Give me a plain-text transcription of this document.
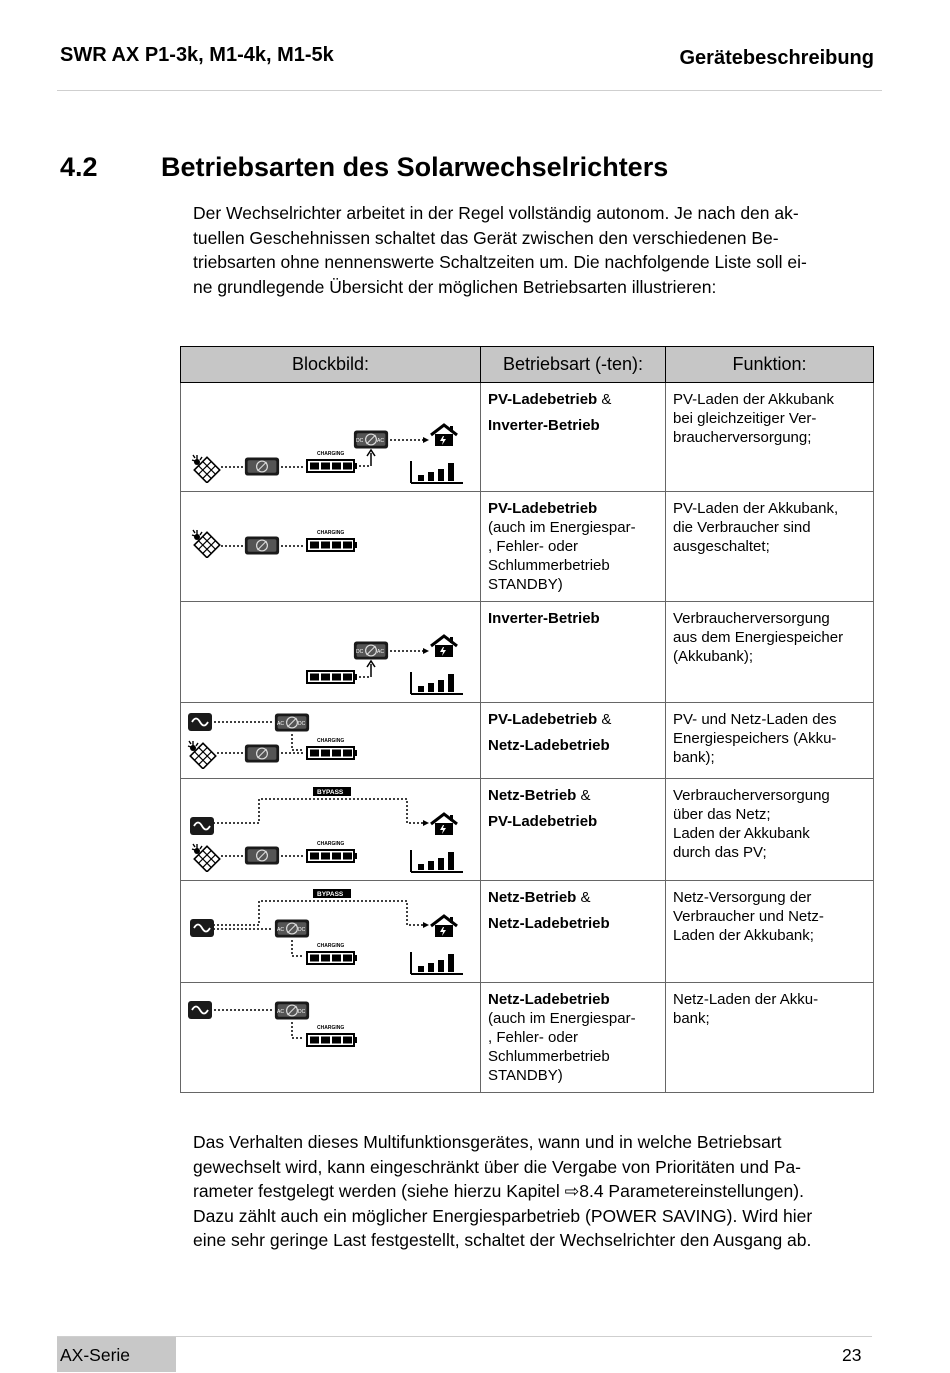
SWR AX P1-3k, M1-4k, M1-5k	Gerätebeschreibung
4.2 Betriebsarten des Solarwechselrichters

Der Wechselrichter arbeitet in der Regel vollständig autonom. Je nach den ak-
tuellen Geschehnissen schaltet das Gerät zwischen den verschiedenen Be-
triebsarten ohne nennenswerte Schaltzeiten um. Die nachfolgende Liste soll ei-
ne grundlegende Übersicht der möglichen Betriebsarten illustrieren:

Blockbild:	Betriebsart (-ten):	Funktion:

CHARGING
DC AC	PV-Ladebetrieb &
Inverter-Betrieb	PV-Laden der Akkubank
bei gleichzeitiger Ver-
braucherversorgung;

CHARGING	PV-Ladebetrieb
(auch im Energiespar-
, Fehler- oder
Schlummerbetrieb
STANDBY)	PV-Laden der Akkubank,
die Verbraucher sind
ausgeschaltet;

DC AC	Inverter-Betrieb	Verbraucherversorgung
aus dem Energiespeicher
(Akkubank);

AC DC
CHARGING	PV-Ladebetrieb &
Netz-Ladebetrieb	PV- und Netz-Laden des
Energiespeichers (Akku-
bank);

BYPASS
CHARGING	Netz-Betrieb &
PV-Ladebetrieb	Verbraucherversorgung
über das Netz;
Laden der Akkubank
durch das PV;

BYPASS
AC DC
CHARGING	Netz-Betrieb &
Netz-Ladebetrieb	Netz-Versorgung der
Verbraucher und Netz-
Laden der Akkubank;

AC DC
CHARGING	Netz-Ladebetrieb
(auch im Energiespar-
, Fehler- oder
Schlummerbetrieb
STANDBY)	Netz-Laden der Akku-
bank;

Das Verhalten dieses Multifunktionsgerätes, wann und in welche Betriebsart
gewechselt wird, kann eingeschränkt über die Vergabe von Prioritäten und Pa-
rameter festgelegt werden (siehe hierzu Kapitel ⇨8.4 Parametereinstellungen).
Dazu zählt auch ein möglicher Energiesparbetrieb (POWER SAVING). Wird hier
eine sehr geringe Last festgestellt, schaltet der Wechselrichter den Ausgang ab.

AX-Serie	23
